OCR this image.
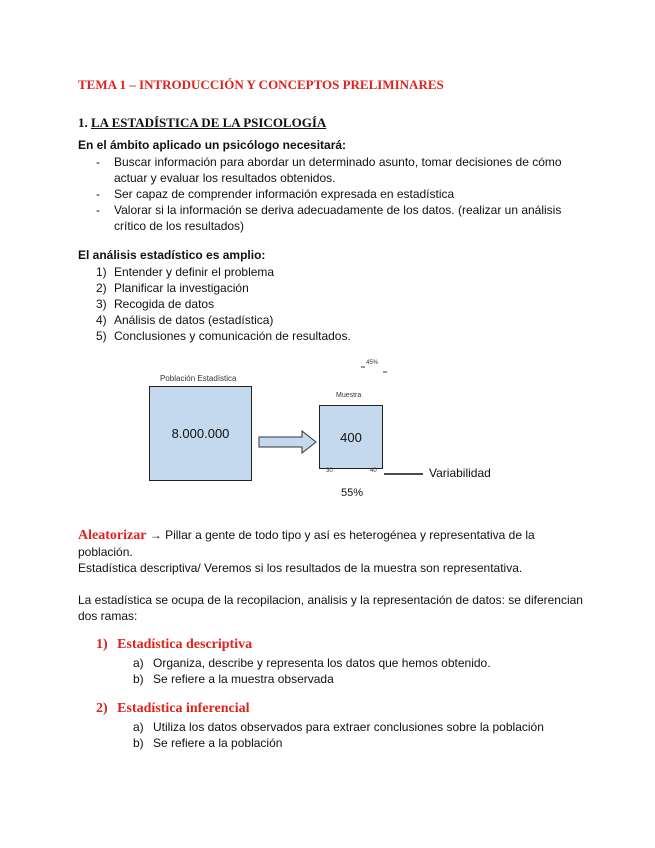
TEMA 1 – INTRODUCCIÓN Y CONCEPTOS PRELIMINARES
1. LA ESTADÍSTICA DE LA PSICOLOGÍA
En el ámbito aplicado un psicólogo necesitará:
- Buscar información para abordar un determinado asunto, tomar decisiones de cómo
actuar y evaluar los resultados obtenidos.
-	Ser capaz de comprender información expresada en estadística
- Valorar si la información se deriva adecuadamente de los datos. (realizar un análisis
crítico de los resultados)
El análisis estadístico es amplio:
1) Entender y definir el problema
2) Planificar la investigación
3) Recogida de datos
4) Análisis de datos (estadística)
5) Conclusiones y comunicación de resultados.
Población Estadística
8.000.000
45%
Muestra
400
30	40	Variabilidad
55%
Aleatorizar → Pillar a gente de todo tipo y así es heterogénea y representativa de la
población.
Estadística descriptiva/ Veremos si los resultados de la muestra son representativa.
La estadística se ocupa de la recopilacion, analisis y la representación de datos: se diferencian
dos ramas:
1) Estadística descriptiva
a) Organiza, describe y representa los datos que hemos obtenido.
b) Se refiere a la muestra observada
2) Estadística inferencial
a) Utiliza los datos observados para extraer conclusiones sobre la población
b) Se refiere a la población
